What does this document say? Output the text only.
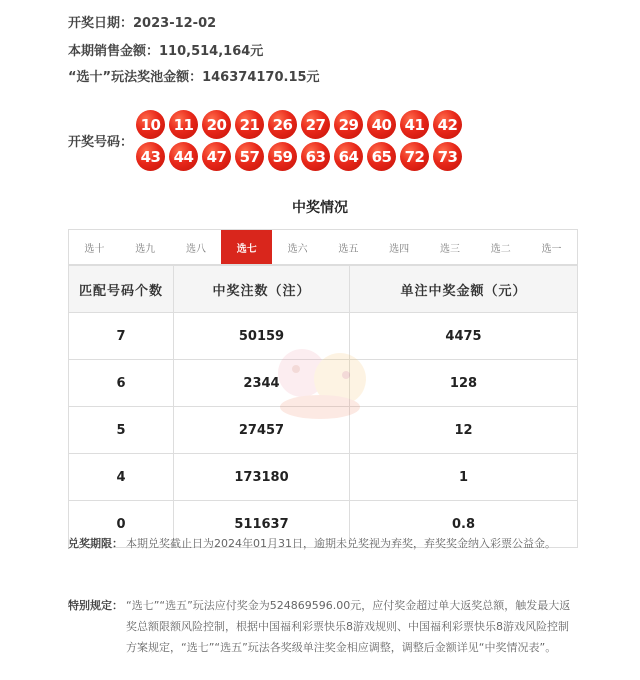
开奖日期：2023-12-02
本期销售金额：110,514,164元
“选十”玩法奖池金额：146374170.15元
开奖号码：
10 11 20 21 26 27 29 40 41 42
43 44 47 57 59 63 64 65 72 73
中奖情况
选十	选九	选八	选七	选六	选五	选四	选三	选二	选一
匹配号码个数	中奖注数（注）	单注中奖金额（元）
7	50159	4475
6	2344	128
5	27457	12
4	173180	1
0	511637	0.8
兑奖期限： 本期兑奖截止日为2024年01月31日，逾期未兑奖视为弃奖，弃奖奖金纳入彩票公益金。
特别规定： “选七”“选五”玩法应付奖金为524869596.00元，应付奖金超过单大返奖总额，触发最大返奖总额限额风险控制，根据中国福利彩票快乐8游戏规则、中国福利彩票快乐8游戏风险控制方案规定，“选七”“选五”玩法各奖级单注奖金相应调整，调整后金额详见“中奖情况表”。
